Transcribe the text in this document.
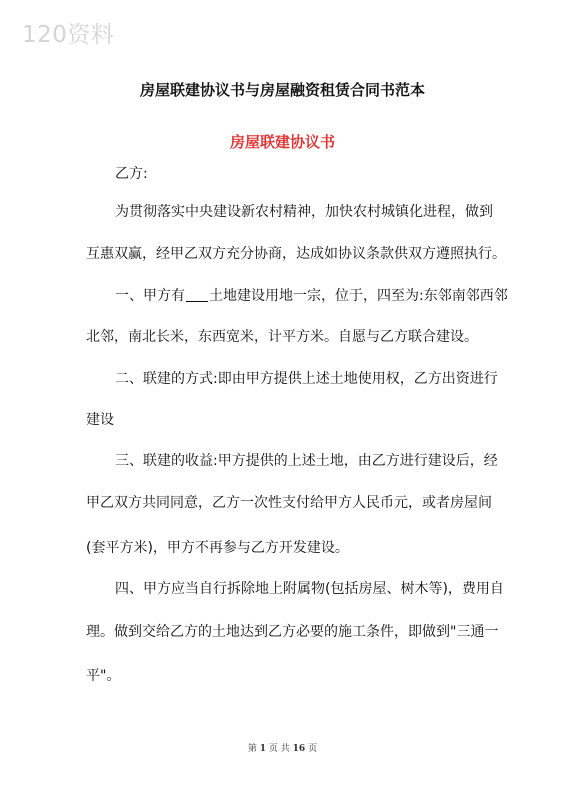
120资料
房屋联建协议书与房屋融资租赁合同书范本
房屋联建协议书
乙方:
为贯彻落实中央建设新农村精神，加快农村城镇化进程，做到
互惠双赢，经甲乙双方充分协商，达成如协议条款供双方遵照执行。
一、甲方有 土地建设用地一宗，位于，四至为:东邻南邻西邻
北邻，南北长米，东西宽米，计平方米。自愿与乙方联合建设。
二、联建的方式:即由甲方提供上述土地使用权，乙方出资进行
建设
三、联建的收益:甲方提供的上述土地，由乙方进行建设后，经
甲乙双方共同同意，乙方一次性支付给甲方人民币元，或者房屋间
(套平方米)，甲方不再参与乙方开发建设。
四、甲方应当自行拆除地上附属物(包括房屋、树木等)，费用自
理。做到交给乙方的土地达到乙方必要的施工条件，即做到"三通一
平"。
第 1 页 共 16 页
